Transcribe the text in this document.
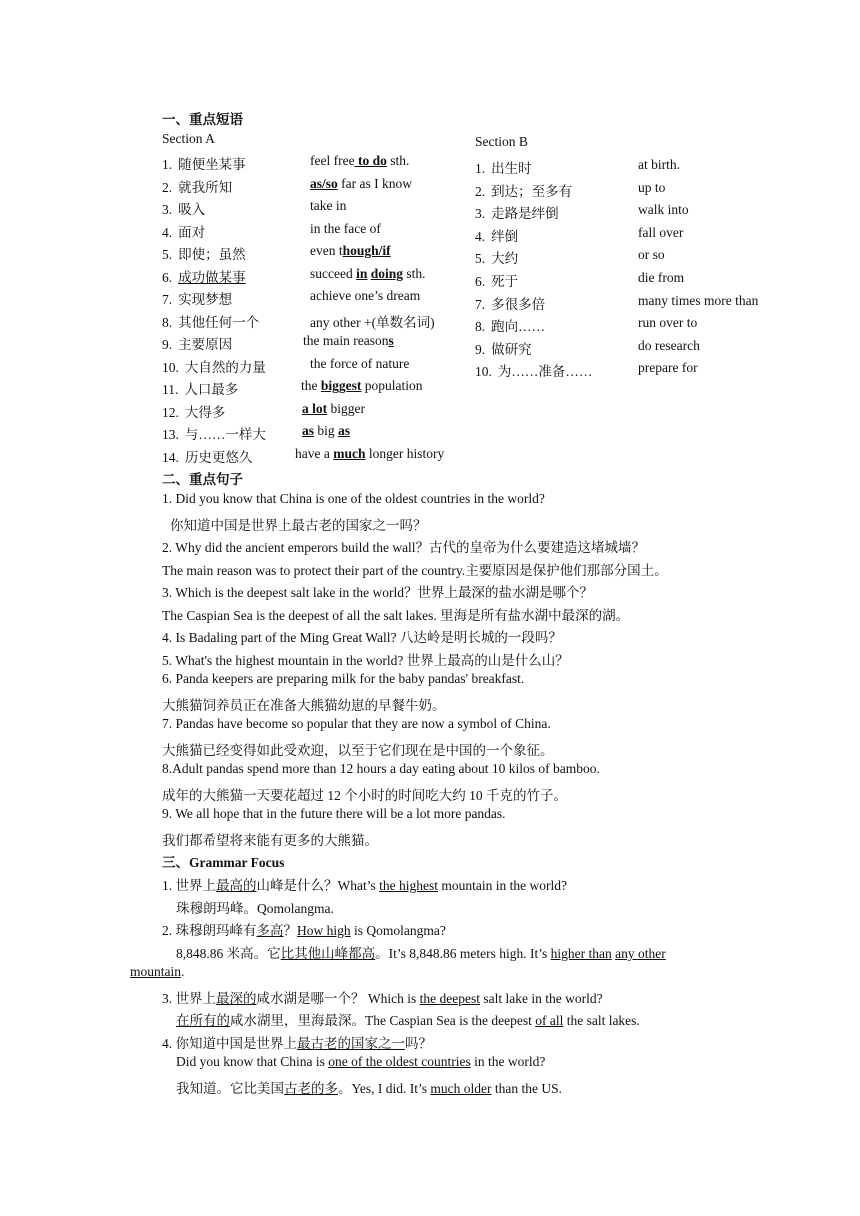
一、重点短语
Section A
1. 随便坐某事	feel free to do sth.
2. 就我所知	as/so far as I know
3. 吸入	take in
4. 面对	in the face of
5. 即使；虽然	even though/if
6. 成功做某事	succeed in doing sth.
7. 实现梦想	achieve one’s dream
8. 其他任何一个	any other +(单数名词)
9. 主要原因	the main reasons
10. 大自然的力量	the force of nature
11. 人口最多	the biggest population
12. 大得多	a lot bigger
13. 与……一样大	as big as
14. 历史更悠久	have a much longer history
Section B
1. 出生时	at birth.
2. 到达；至多有	up to
3. 走路是绊倒	walk into
4. 绊倒	fall over
5. 大约	or so
6. 死于	die from
7. 多很多倍	many times more than
8. 跑向……	run over to
9. 做研究	do research
10. 为……准备……	prepare for
二、重点句子
1. Did you know that China is one of the oldest countries in the world?
你知道中国是世界上最古老的国家之一吗？
2. Why did the ancient emperors build the wall？古代的皇帝为什么要建造这堵城墙？
The main reason was to protect their part of the country.主要原因是保护他们那部分国土。
3. Which is the deepest salt lake in the world？世界上最深的盐水湖是哪个？
The Caspian Sea is the deepest of all the salt lakes. 里海是所有盐水湖中最深的湖。
4. Is Badaling part of the Ming Great Wall? 八达岭是明长城的一段吗？
5. What's the highest mountain in the world? 世界上最高的山是什么山？
6. Panda keepers are preparing milk for the baby pandas' breakfast.
大熊猫饲养员正在准备大熊猫幼崽的早餐牛奶。
7. Pandas have become so popular that they are now a symbol of China.
大熊猫已经变得如此受欢迎，以至于它们现在是中国的一个象征。
8.Adult pandas spend more than 12 hours a day eating about 10 kilos of bamboo.
成年的大熊猫一天要花超过 12 个小时的时间吃大约 10 千克的竹子。
9. We all hope that in the future there will be a lot more pandas.
我们都希望将来能有更多的大熊猫。
三、Grammar Focus
1. 世界上最高的山峰是什么？What’s the highest mountain in the world?
珠穆朗玛峰。Qomolangma.
2. 珠穆朗玛峰有多高？How high is Qomolangma?
8,848.86 米高。它比其他山峰都高。It’s 8,848.86 meters high. It’s higher than any other
mountain.
3. 世界上最深的咸水湖是哪一个？ Which is the deepest salt lake in the world?
在所有的咸水湖里，里海最深。The Caspian Sea is the deepest of all the salt lakes.
4. 你知道中国是世界上最古老的国家之一吗？
Did you know that China is one of the oldest countries in the world?
我知道。它比美国古老的多。Yes, I did. It’s much older than the US.
